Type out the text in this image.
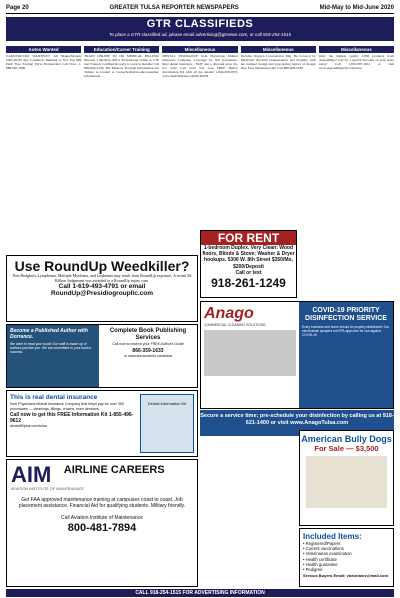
Page 20	GREATER TULSA REPORTER NEWSPAPERS	Mid-May to Mid-June 2020
GTR CLASSIFIEDS
To place a GTR classified ad, please email advertising@gtrnews.com, or call 918-254-1515
Autos Wanted
CARS/TRUCKS WANTED!!! All Makes/Models 2002-2018! Any Condition. Running or Not. Top $$$ Paid! Free Towing! We're Nationwide! Call Now: 1-888-985-1806
Education/Career Training
TRAIN ONLINE TO DO MEDICAL BILLING! Become a Medical Office Professional online at CTI! Get Trained, Certified & ready to work in months! Call 866-664-4140. The Mission, Program Information and Tuition is located at CareerTechnical.edu/consumer-information.
Miscellaneous
DENTAL INSURANCE from Physicians Mutual Insurance Company. Coverage for 350 procedures. Real dental insurance - NOT just a discount plan. Do not wait! Call now! Get your FREE Dental Information Kit with all the details! 1-844-658-0555 www.dental50plus.com/60 #6258
Miscellaneous
Portable Oxygen Concentrator May Be Covered by Medicare! Reclaim independence and mobility with the compact design and long-lasting battery of Inogen One. Free information kit! Call 888-609-2189
Miscellaneous
Only the highest quality CBD products from AspenRidge! Call for a special discount on your order today! Call 1-855-687-3612 or visit www.AspenRidgeOil.com/save.
Use RoundUp Weedkiller?
Non Hodgkin's Lymphoma, Multiple Myeloma, and Leukemia may result from RoundUp exposure. A recent $2 Billion Judgement was awarded to a RoundUp injury case.
Call 1-619-493-4791 or email RoundUp@Presidiogroupllc.com
Become a Published Author with Dorrance.
We want to read your book! Our staff is made up of authors just like you. We are committed to your book's success.
Complete Book Publishing Services
Call now to receive your FREE Author's Guide
866-359-1633
or www.dorranceinfo.com/tulsa
This is real dental insurance
from Physicians Mutual Insurance Company that helps pay for over 350 procedures — cleanings, fillings, crowns, even dentures.
Call now to get this FREE Information Kit 1-855-496-9612
dental50plus.com/tulsa
Dental Information Kit
AIM AIRLINE CAREERS
AVIATION INSTITUTE OF MAINTENANCE
Get FAA approved maintenance training at campuses coast to coast. Job placement assistance. Financial Aid for qualifying students. Military friendly.
Call Aviation Institute of Maintenance
800-481-7894
FOR RENT
1-bedroom Duplex. Very Clean: Wood floors, Blinds & Stove; Washer & Dryer hookups. 5306 W. 8th Street $350/Mo, $200/Deposit
Call or text
918-261-1249
Anago
COMMERCIAL CLEANING SOLUTIONS
COVID-19 PRIORITY DISINFECTION SERVICE
Every business and home should be properly disinfected. Our electrostatic sprayers are EPA-approved for use against COVID-19.
Secure a service time; pre-schedule your disinfection by calling us at 918-621-1400 or visit www.AnagoTulsa.com
American Bully Dogs
For Sale — $3,500
Included Items:
• Registered/Papers
• Current vaccinations
• Veterinarian examination
• Health certificate
• Health guarantee
• Pedigree
Serious Buyers Email: victorianrz@mail.com
CALL 918-254-1515 FOR ADVERTISING INFORMATION
